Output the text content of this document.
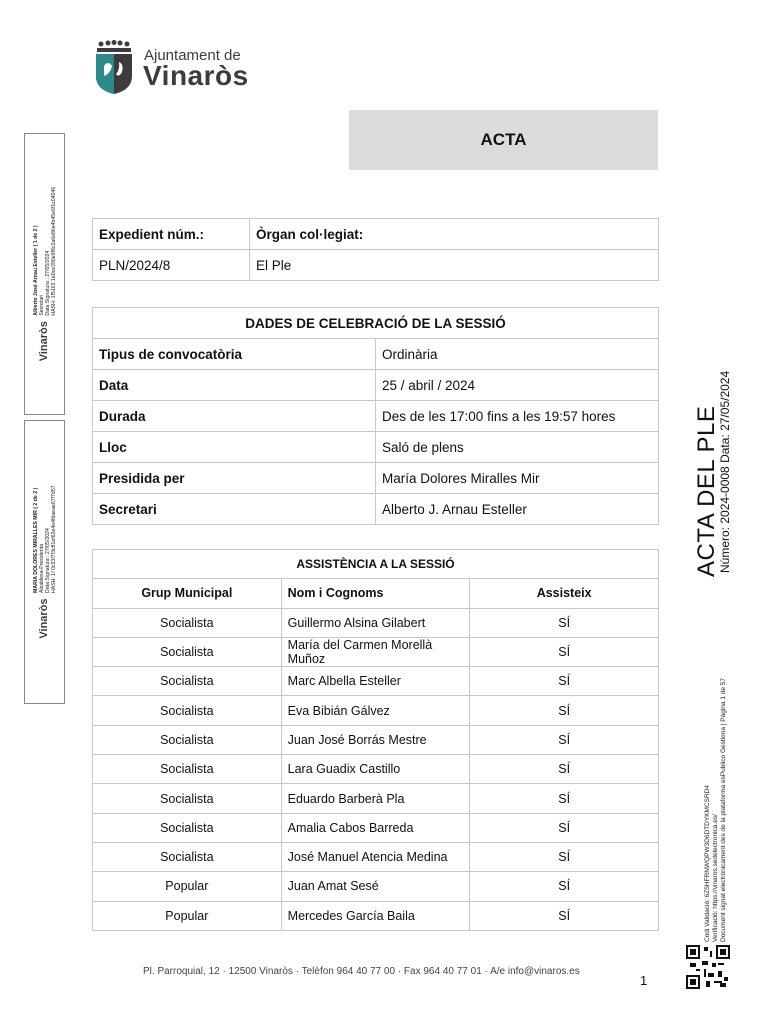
Ajuntament de
Vinaròs
ACTA
Expedient núm.:	Òrgan col·legiat:
PLN/2024/8	El Ple
DADES DE CELEBRACIÓ DE LA SESSIÓ	
Tipus de convocatòria	Ordinària
Data	25 / abril / 2024
Durada	Des de les 17:00 fins a les 19:57 hores
Lloc	Saló de plens
Presidida per	María Dolores Miralles Mir
Secretari	Alberto J. Arnau Esteller
ASSISTÈNCIA A LA SESSIÓ		
Grup Municipal	Nom i Cognoms	Assisteix
Socialista	Guillermo Alsina Gilabert	SÍ
Socialista	María del Carmen Morellà Muñoz	SÍ
Socialista	Marc Albella Esteller	SÍ
Socialista	Eva Bibián Gálvez	SÍ
Socialista	Juan José Borrás Mestre	SÍ
Socialista	Lara Guadix Castillo	SÍ
Socialista	Eduardo Barberà Pla	SÍ
Socialista	Amalia Cabos Barreda	SÍ
Socialista	José Manuel Atencia Medina	SÍ
Popular	Juan Amat Sesé	SÍ
Popular	Mercedes García Baila	SÍ
Pl. Parroquial, 12 · 12500 Vinaròs · Telèfon 964 40 77 00 · Fax 964 40 77 01 · A/e info@vinaros.es
1
Vinaròs Alberto José Arnau Esteller ( 1 de 2 )
Secretari
Data Signatura : 27/05/2024
HASH: 1f5163 1e0ce290e9f8c2a6e86e4b45e6f1c04046
Vinaròs MARIA DOLORES MIRALLES MIR ( 2 de 2 )
Alcaldesa-Presidenta
Data Signatura : 27/05/2024
HASH: 1f 0c33f7f3c81ef62e4e4fdaeae67f7d57	ACTA DEL PLE
Número: 2024-0008 Data: 27/05/2024
Codi Validació: 6Z5HFRNWQPW3D6DTDYKMCSRD4
Verificació: https://vinaros.sedelectronica.es/
Document signat electrònicament des de la plataforma esPublico Gestiona | Pàgina 1 de 57
